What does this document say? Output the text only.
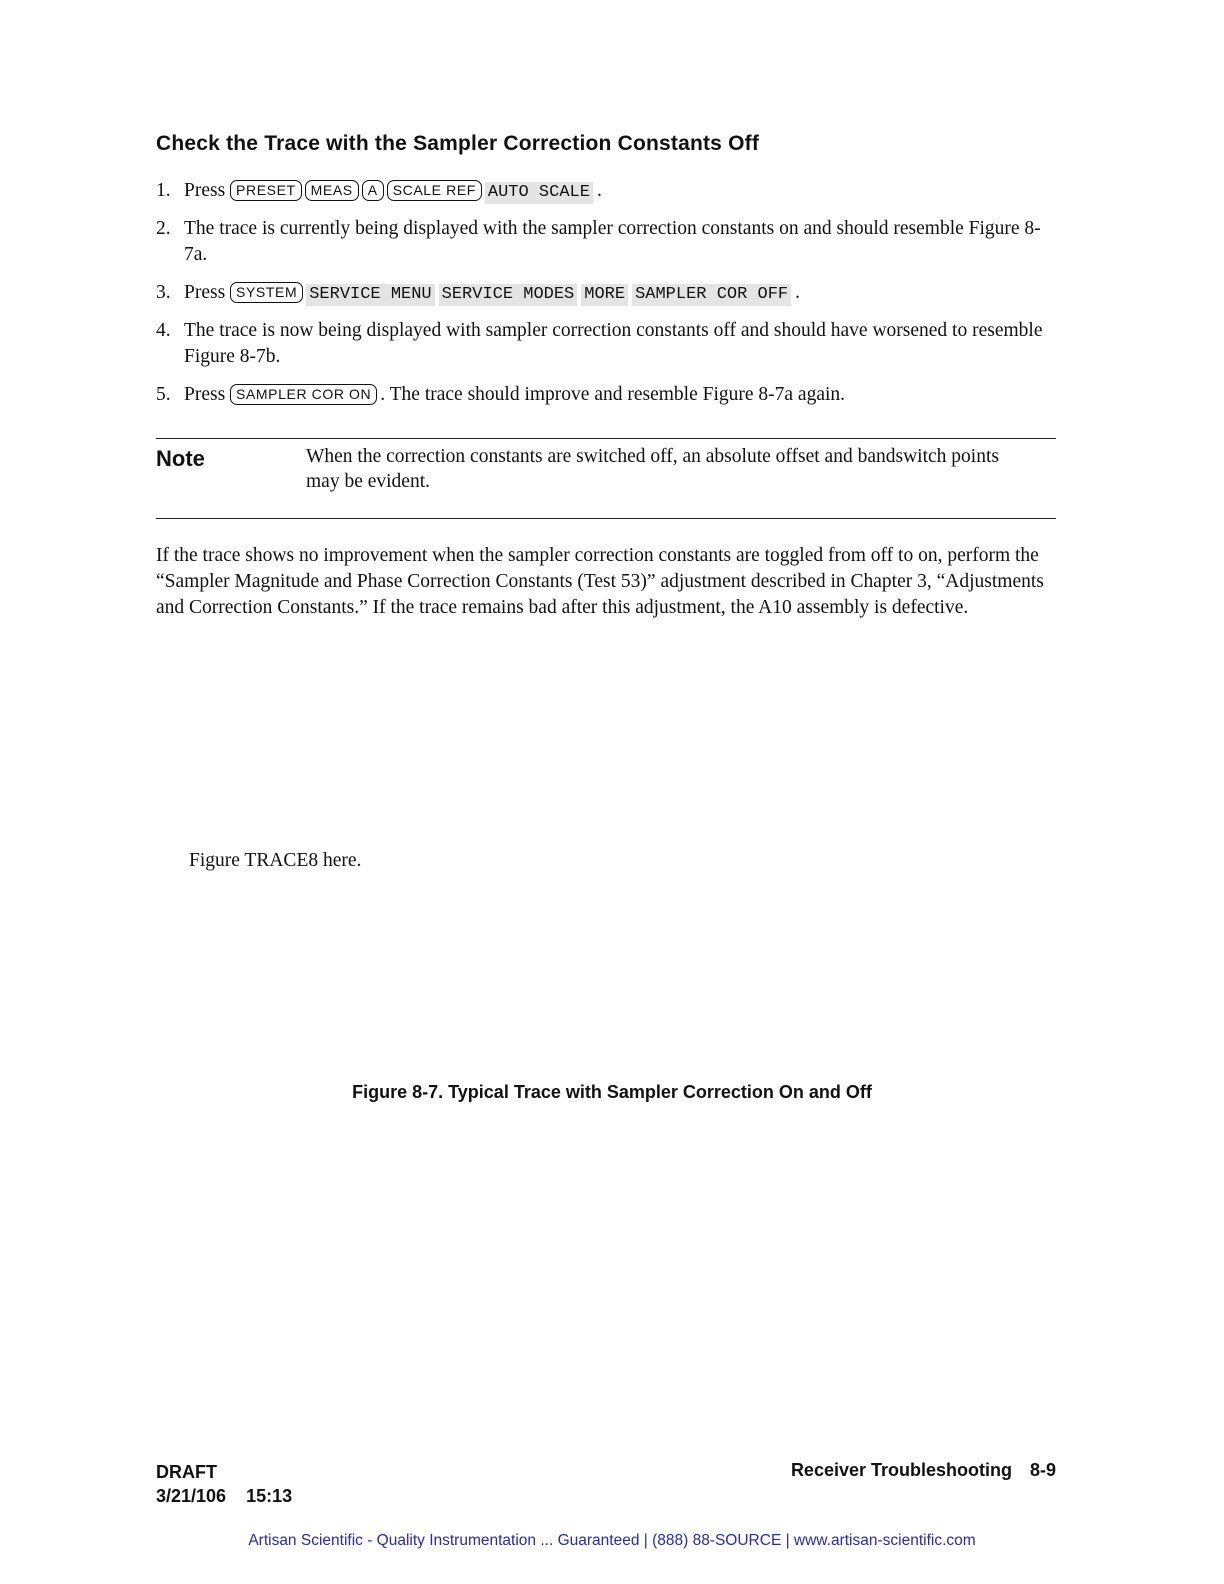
Check the Trace with the Sampler Correction Constants Off
1. Press PRESET MEAS A SCALE REF AUTO SCALE .
2. The trace is currently being displayed with the sampler correction constants on and should resemble Figure 8-7a.
3. Press SYSTEM SERVICE MENU SERVICE MODES MORE SAMPLER COR OFF .
4. The trace is now being displayed with sampler correction constants off and should have worsened to resemble Figure 8-7b.
5. Press SAMPLER COR ON . The trace should improve and resemble Figure 8-7a again.
Note	When the correction constants are switched off, an absolute offset and bandswitch points may be evident.

If the trace shows no improvement when the sampler correction constants are toggled from off to on, perform the “Sampler Magnitude and Phase Correction Constants (Test 53)” adjustment described in Chapter 3, “Adjustments and Correction Constants.” If the trace remains bad after this adjustment, the A10 assembly is defective.

Figure TRACE8 here.
Figure 8-7. Typical Trace with Sampler Correction On and Off
DRAFT
3/21/106 15:13
Receiver Troubleshooting 8-9
Artisan Scientific - Quality Instrumentation ... Guaranteed | (888) 88-SOURCE | www.artisan-scientific.com
